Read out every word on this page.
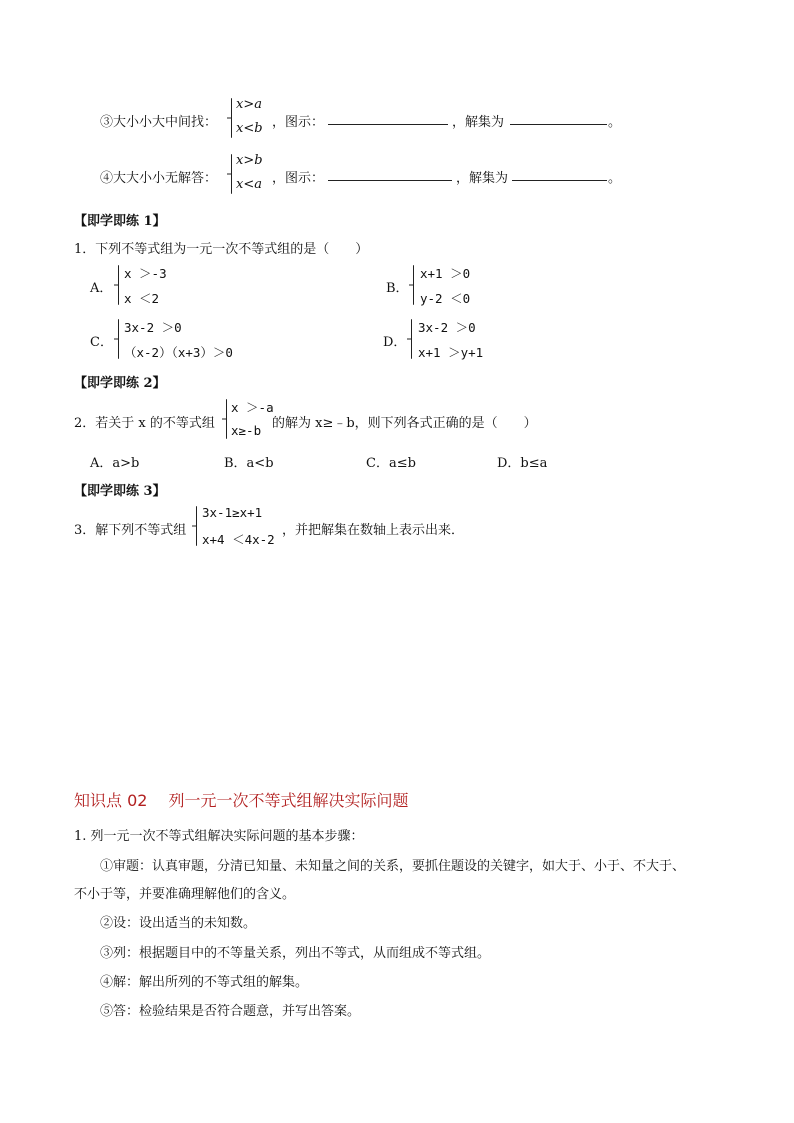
③大小小大中间找：
x>a
x<b ，图示：	，解集为	。
④大大小小无解答：
x>b
x<a ，图示：	，解集为	。
【即学即练 1】
1．下列不等式组为一元一次不等式组的是（　　）
A．
x ＞-3
x ＜2
B．
x+1 ＞0
y-2 ＜0
C．
3x-2 ＞0
（x-2）（x+3）＞0
D．
3x-2 ＞0
x+1 ＞y+1
【即学即练 2】
2．若关于 x 的不等式组
x ＞-a
x≥-b 的解为 x≥﹣b，则下列各式正确的是（　　）
A．a>b	B．a<b	C．a≤b	D．b≤a
【即学即练 3】
3．解下列不等式组
3x-1≥x+1
x+4 ＜4x-2
，并把解集在数轴上表示出来．
知识点 02　 列一元一次不等式组解决实际问题
1. 列一元一次不等式组解决实际问题的基本步骤：
①审题：认真审题，分清已知量、未知量之间的关系，要抓住题设的关键字，如大于、小于、不大于、
不小于等，并要准确理解他们的含义。
②设：设出适当的未知数。
③列：根据题目中的不等量关系，列出不等式，从而组成不等式组。
④解：解出所列的不等式组的解集。
⑤答：检验结果是否符合题意，并写出答案。
